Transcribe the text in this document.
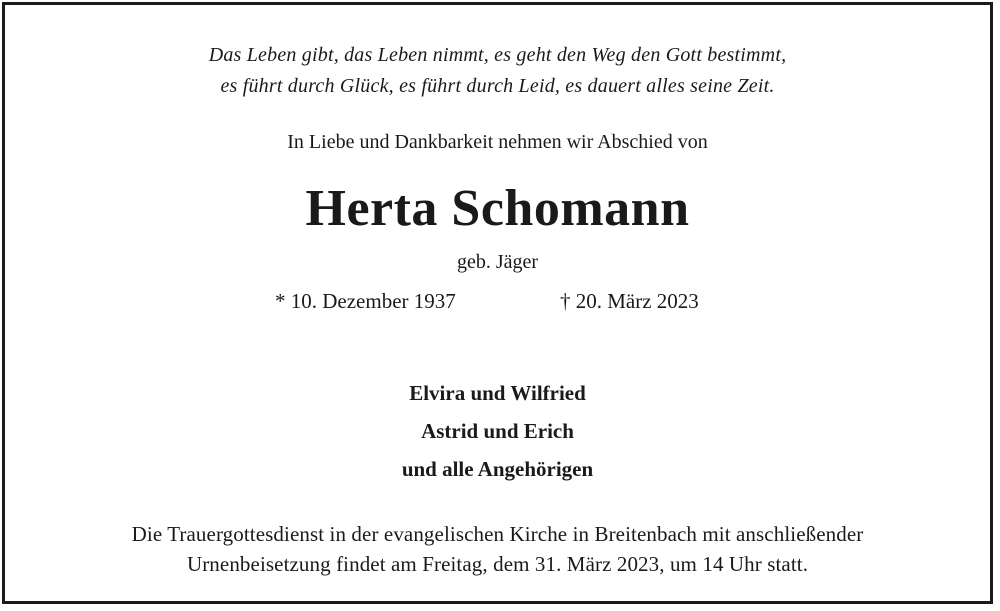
Das Leben gibt, das Leben nimmt, es geht den Weg den Gott bestimmt,
es führt durch Glück, es führt durch Leid, es dauert alles seine Zeit.
In Liebe und Dankbarkeit nehmen wir Abschied von
Herta Schomann
geb. Jäger
* 10. Dezember 1937	† 20. März 2023
Elvira und Wilfried
Astrid und Erich
und alle Angehörigen
Die Trauergottesdienst in der evangelischen Kirche in Breitenbach mit anschließender
Urnenbeisetzung findet am Freitag, dem 31. März 2023, um 14 Uhr statt.
